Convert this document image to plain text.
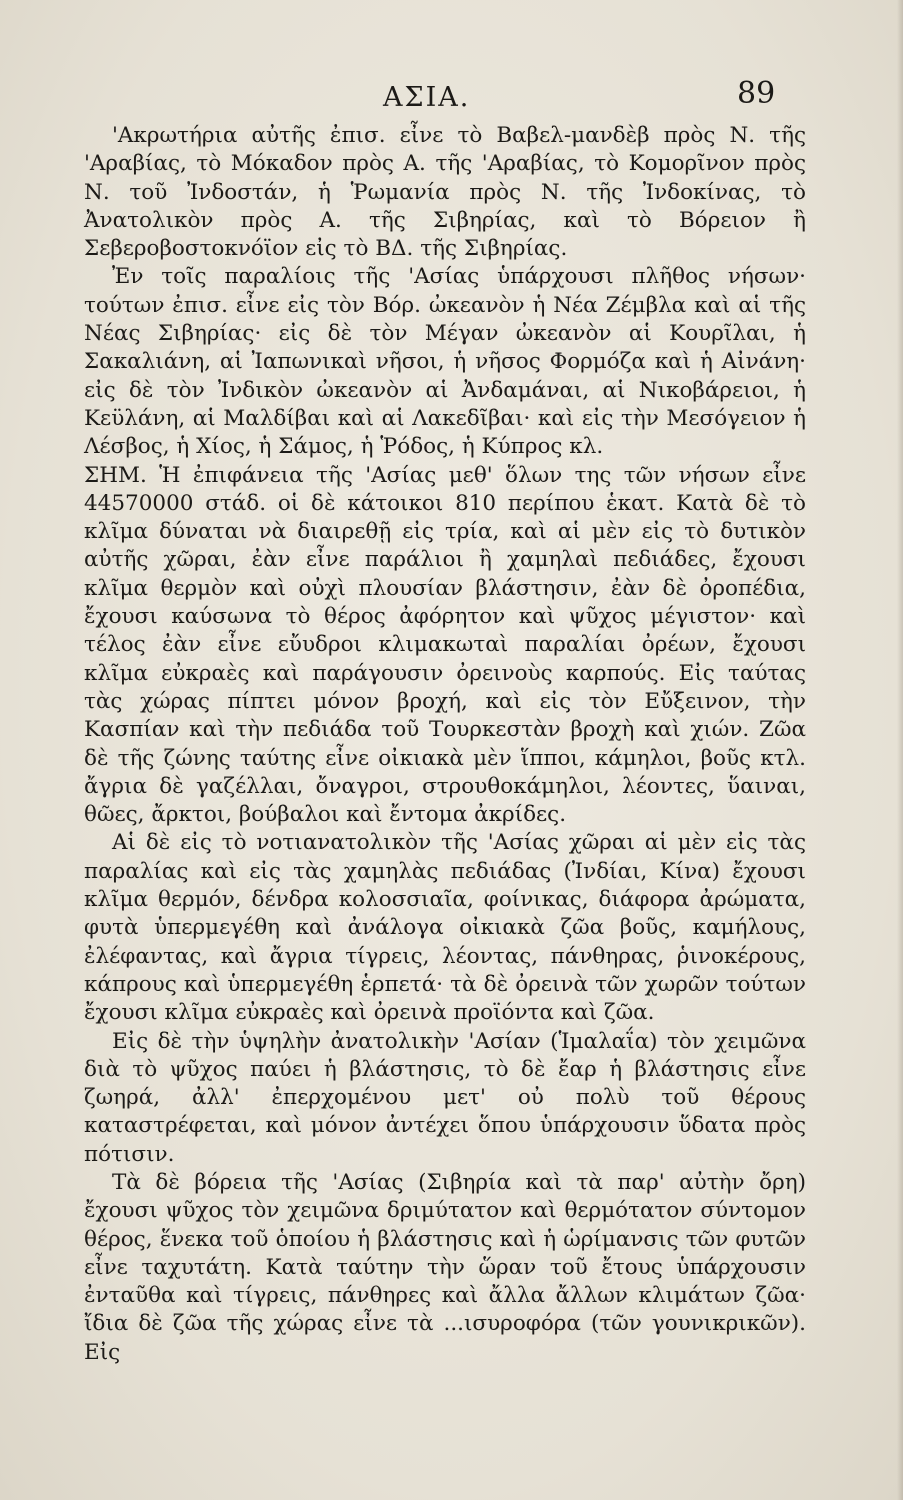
ΑΣΙΑ.	89

'Ακρωτήρια αὐτῆς ἐπισ. εἶνε τὸ Βαβελ-μανδὲβ πρὸς Ν. τῆς 'Αραβίας, τὸ Μόκαδον πρὸς Α. τῆς 'Αραβίας, τὸ Κομορῖνον πρὸς Ν. τοῦ Ἰνδοστάν, ἡ Ῥωμανία πρὸς Ν. τῆς Ἰνδοκίνας, τὸ Ἀνατολικὸν πρὸς Α. τῆς Σιβηρίας, καὶ τὸ Βόρειον ἢ Σεβεροβοστοκνόϊον εἰς τὸ ΒΔ. τῆς Σιβηρίας.

Ἐν τοῖς παραλίοις τῆς 'Ασίας ὑπάρχουσι πλῆθος νήσων· τούτων ἐπισ. εἶνε εἰς τὸν Βόρ. ὠκεανὸν ἡ Νέα Ζέμβλα καὶ αἱ τῆς Νέας Σιβηρίας· εἰς δὲ τὸν Μέγαν ὠκεανὸν αἱ Κουρῖλαι, ἡ Σακαλιάνη, αἱ Ἰαπωνικαὶ νῆσοι, ἡ νῆσος Φορμόζα καὶ ἡ Αἰνάνη· εἰς δὲ τὸν Ἰνδικὸν ὠκεανὸν αἱ Ἀνδαμάναι, αἱ Νικοβάρειοι, ἡ Κεϋλάνη, αἱ Μαλδίβαι καὶ αἱ Λακεδῖβαι· καὶ εἰς τὴν Μεσόγειον ἡ Λέσβος, ἡ Χίος, ἡ Σάμος, ἡ Ῥόδος, ἡ Κύπρος κλ.

ΣΗΜ. Ἡ ἐπιφάνεια τῆς 'Ασίας μεθ' ὅλων της τῶν νήσων εἶνε 44570000 στάδ. οἱ δὲ κάτοικοι 810 περίπου ἑκατ. Κατὰ δὲ τὸ κλῖμα δύναται νὰ διαιρεθῇ εἰς τρία, καὶ αἱ μὲν εἰς τὸ δυτικὸν αὐτῆς χῶραι, ἐὰν εἶνε παράλιοι ἢ χαμηλαὶ πεδιάδες, ἔχουσι κλῖμα θερμὸν καὶ οὐχὶ πλουσίαν βλάστησιν, ἐὰν δὲ ὀροπέδια, ἔχουσι καύσωνα τὸ θέρος ἀφόρητον καὶ ψῦχος μέγιστον· καὶ τέλος ἐὰν εἶνε εὔυδροι κλιμακωταὶ παραλίαι ὀρέων, ἔχουσι κλῖμα εὐκραὲς καὶ παράγουσιν ὀρεινοὺς καρπούς. Εἰς ταύτας τὰς χώρας πίπτει μόνον βροχή, καὶ εἰς τὸν Εὔξεινον, τὴν Κασπίαν καὶ τὴν πεδιάδα τοῦ Τουρκεστὰν βροχὴ καὶ χιών. Ζῶα δὲ τῆς ζώνης ταύτης εἶνε οἰκιακὰ μὲν ἵπποι, κάμηλοι, βοῦς κτλ. ἄγρια δὲ γαζέλλαι, ὄναγροι, στρουθοκάμηλοι, λέοντες, ὕαιναι, θῶες, ἄρκτοι, βούβαλοι καὶ ἔντομα ἀκρίδες.

Αἱ δὲ εἰς τὸ νοτιανατολικὸν τῆς 'Ασίας χῶραι αἱ μὲν εἰς τὰς παραλίας καὶ εἰς τὰς χαμηλὰς πεδιάδας (Ἰνδίαι, Κίνα) ἔχουσι κλῖμα θερμόν, δένδρα κολοσσιαῖα, φοίνικας, διάφορα ἀρώματα, φυτὰ ὑπερμεγέθη καὶ ἀνάλογα οἰκιακὰ ζῶα βοῦς, καμήλους, ἐλέφαντας, καὶ ἄγρια τίγρεις, λέοντας, πάνθηρας, ῥινοκέρους, κάπρους καὶ ὑπερμεγέθη ἑρπετά· τὰ δὲ ὀρεινὰ τῶν χωρῶν τούτων ἔχουσι κλῖμα εὐκραὲς καὶ ὀρεινὰ προϊόντα καὶ ζῶα.

Εἰς δὲ τὴν ὑψηλὴν ἀνατολικὴν 'Ασίαν (Ἱμαλαΐα) τὸν χειμῶνα διὰ τὸ ψῦχος παύει ἡ βλάστησις, τὸ δὲ ἔαρ ἡ βλάστησις εἶνε ζωηρά, ἀλλ' ἐπερχομένου μετ' οὐ πολὺ τοῦ θέρους καταστρέφεται, καὶ μόνον ἀντέχει ὅπου ὑπάρχουσιν ὕδατα πρὸς πότισιν.

Τὰ δὲ βόρεια τῆς 'Ασίας (Σιβηρία καὶ τὰ παρ' αὐτὴν ὄρη) ἔχουσι ψῦχος τὸν χειμῶνα δριμύτατον καὶ θερμότατον σύντομον θέρος, ἕνεκα τοῦ ὁποίου ἡ βλάστησις καὶ ἡ ὡρίμανσις τῶν φυτῶν εἶνε ταχυτάτη. Κατὰ ταύτην τὴν ὥραν τοῦ ἔτους ὑπάρχουσιν ἐνταῦθα καὶ τίγρεις, πάνθηρες καὶ ἄλλα ἄλλων κλιμάτων ζῶα· ἴδια δὲ ζῶα τῆς χώρας εἶνε τὰ ...ισυροφόρα (τῶν γουνικρικῶν). Εἰς
